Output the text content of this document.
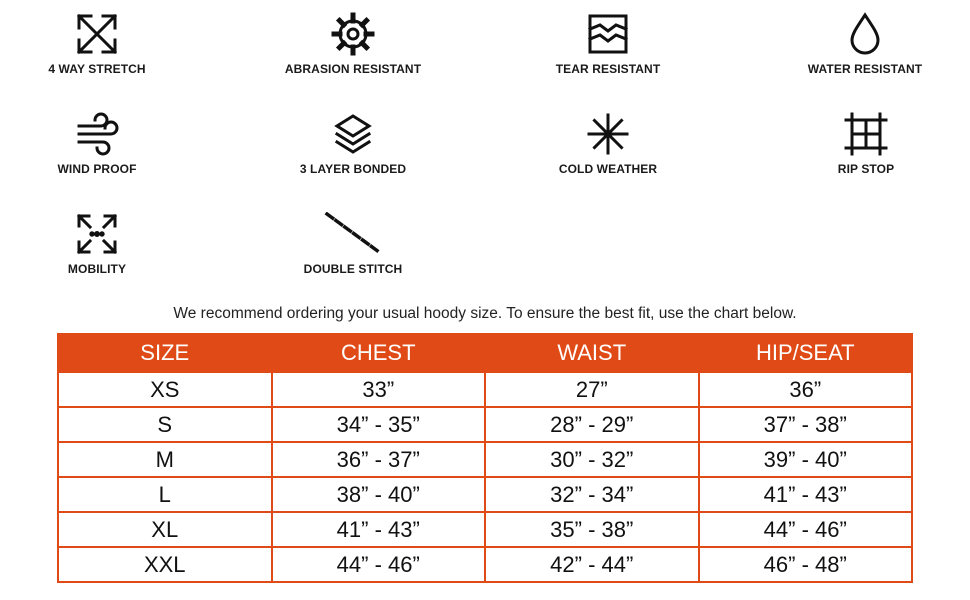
4 WAY STRETCH	ABRASION RESISTANT	TEAR RESISTANT	WATER RESISTANT
WIND PROOF	3 LAYER BONDED	COLD WEATHER	RIP STOP
MOBILITY	DOUBLE STITCH
We recommend ordering your usual hoody size. To ensure the best fit, use the chart below.
SIZE	CHEST	WAIST	HIP/SEAT
XS	33”	27”	36”
S	34” - 35”	28” - 29”	37” - 38”
M	36” - 37”	30” - 32”	39” - 40”
L	38” - 40”	32” - 34”	41” - 43”
XL	41” - 43”	35” - 38”	44” - 46”
XXL	44” - 46”	42” - 44”	46” - 48”
